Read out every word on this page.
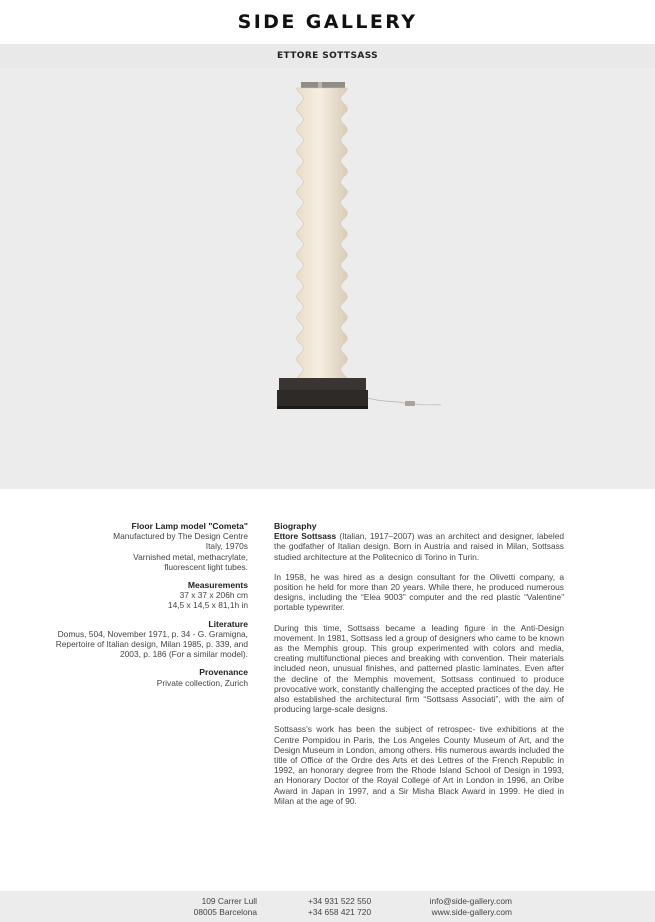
SIDE GALLERY
ETTORE SOTTSASS
Floor Lamp model "Cometa"
Manufactured by The Design Centre
Italy, 1970s
Varnished metal, methacrylate,
fluorescent light tubes.
Measurements
37 x 37 x 206h cm
14,5 x 14,5 x 81,1h in
Literature
Domus, 504, November 1971, p. 34 - G. Gramigna,
Repertoire of Italian design, Milan 1985, p. 339, and
2003, p. 186 (For a similar model).
Provenance
Private collection, Zurich
Biography

Ettore Sottsass (Italian, 1917–2007) was an architect and designer, labeled the godfather of Italian design. Born in Austria and raised in Milan, Sottsass studied architecture at the Politecnico di Torino in Turin.

In 1958, he was hired as a design consultant for the Olivetti company, a position he held for more than 20 years. While there, he produced numerous designs, including the “Elea 9003” computer and the red plastic “Valentine” portable typewriter.

During this time, Sottsass became a leading figure in the Anti-Design movement. In 1981, Sottsass led a group of designers who came to be known as the Memphis group. This group experimented with colors and media, creating multifunctional pieces and breaking with convention. Their materials included neon, unusual finishes, and patterned plastic laminates. Even after the decline of the Memphis movement, Sottsass continued to produce provocative work, constantly challenging the accepted practices of the day. He also established the architectural firm “Sottsass Associati”, with the aim of producing large-scale designs.

Sottsass's work has been the subject of retrospec- tive exhibitions at the Centre Pompidou in Paris, the Los Angeles County Museum of Art, and the Design Museum in London, among others. His numerous awards included the title of Office of the Ordre des Arts et des Lettres of the French Republic in 1992, an honorary degree from the Rhode Island School of Design in 1993, an Honorary Doctor of the Royal College of Art in London in 1996, an Oribe Award in Japan in 1997, and a Sir Misha Black Award in 1999. He died in Milan at the age of 90.

109 Carrer Lull
08005 Barcelona
+34 931 522 550
+34 658 421 720
info@side-gallery.com
www.side-gallery.com
